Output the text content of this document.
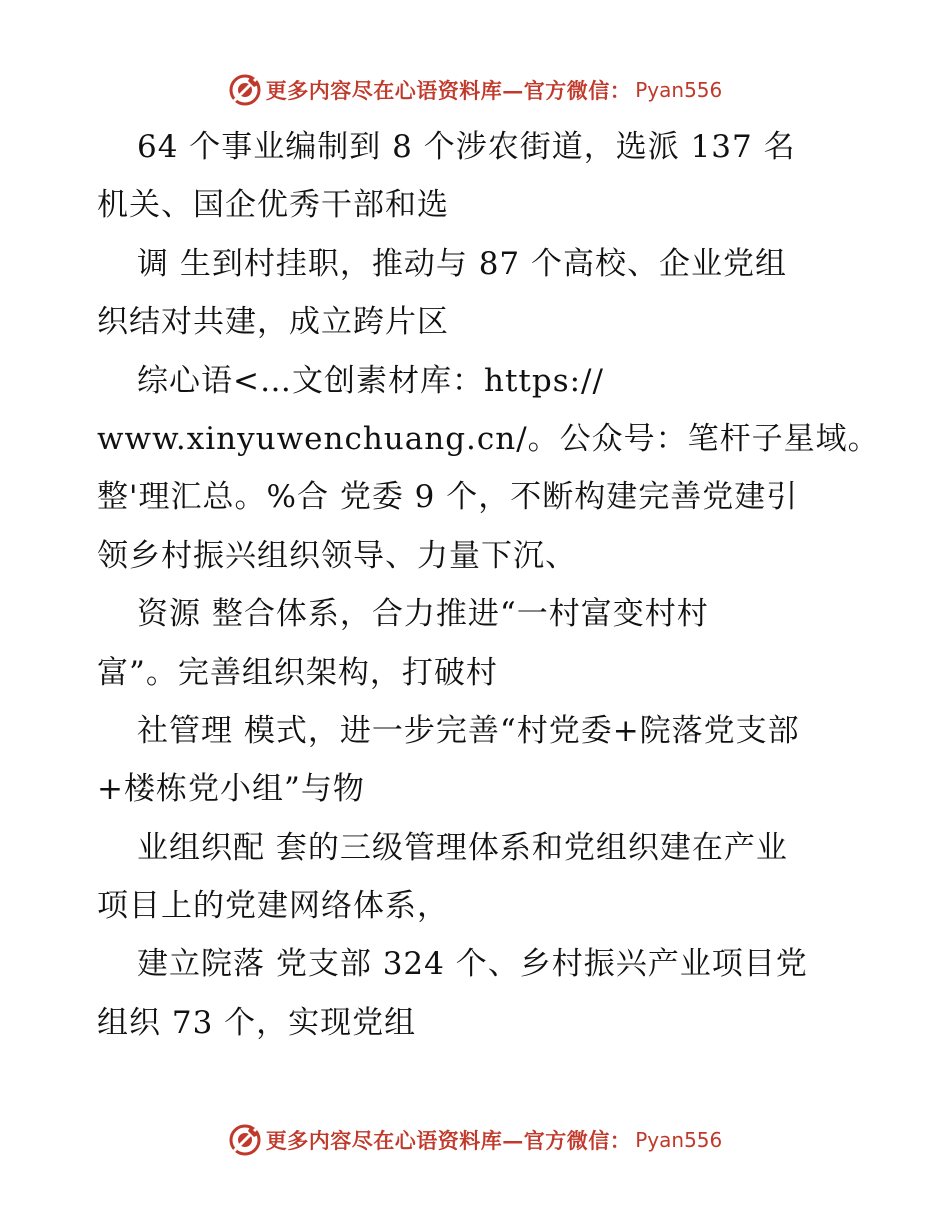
更多内容尽在心语资料库—官方微信： Pyan556
64 个事业编制到 8 个涉农街道，选派 137 名
机关、国企优秀干部和选
调 生到村挂职，推动与 87 个高校、企业党组
织结对共建，成立跨片区
综心语<…文创素材库：https://
www.xinyuwenchuang.cn/。公众号：笔杆子星域。
整'理汇总。%合 党委 9 个，不断构建完善党建引
领乡村振兴组织领导、力量下沉、
资源 整合体系，合力推进“一村富变村村
富”。完善组织架构，打破村
社管理 模式，进一步完善“村党委+院落党支部
+楼栋党小组”与物
业组织配 套的三级管理体系和党组织建在产业
项目上的党建网络体系，
建立院落 党支部 324 个、乡村振兴产业项目党
组织 73 个，实现党组
更多内容尽在心语资料库—官方微信： Pyan556
